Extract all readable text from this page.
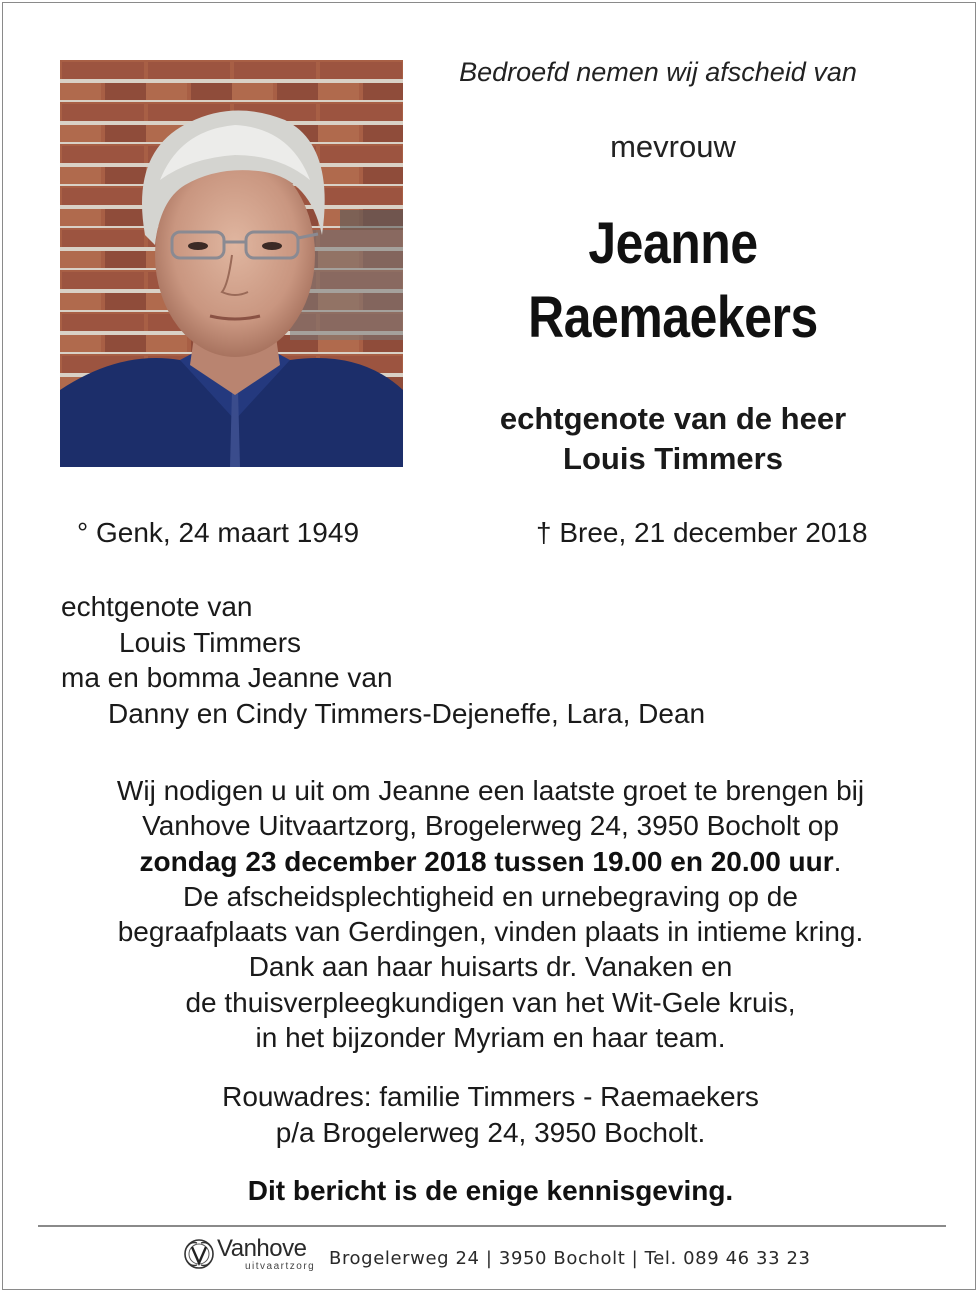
Bedroefd nemen wij afscheid van
mevrouw
Jeanne
Raemaekers
echtgenote van de heer
Louis Timmers
° Genk, 24 maart 1949	† Bree, 21 december 2018
echtgenote van
Louis Timmers
ma en bomma Jeanne van
Danny en Cindy Timmers-Dejeneffe, Lara, Dean
Wij nodigen u uit om Jeanne een laatste groet te brengen bij
Vanhove Uitvaartzorg, Brogelerweg 24, 3950 Bocholt op
zondag 23 december 2018 tussen 19.00 en 20.00 uur.
De afscheidsplechtigheid en urnebegraving op de
begraafplaats van Gerdingen, vinden plaats in intieme kring.
Dank aan haar huisarts dr. Vanaken en
de thuisverpleegkundigen van het Wit-Gele kruis,
in het bijzonder Myriam en haar team.
Rouwadres: familie Timmers - Raemaekers
p/a Brogelerweg 24, 3950 Bocholt.
Dit bericht is de enige kennisgeving.
Vanhove
uitvaartzorg Brogelerweg 24 | 3950 Bocholt | Tel. 089 46 33 23
